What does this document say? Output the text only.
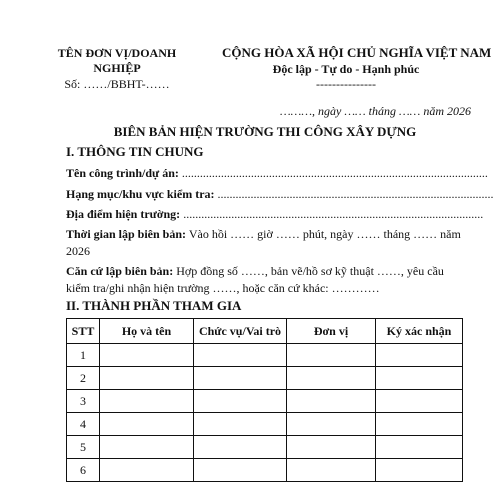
TÊN ĐƠN VỊ/DOANH
NGHIỆP
Số: ……/BBHT-……
CỘNG HÒA XÃ HỘI CHỦ NGHĨA VIỆT NAM
Độc lập - Tự do - Hạnh phúc
---------------
………, ngày …… tháng …… năm 2026
BIÊN BẢN HIỆN TRƯỜNG THI CÔNG XÂY DỰNG
I. THÔNG TIN CHUNG
Tên công trình/dự án: ......................................................................................................
Hạng mục/khu vực kiểm tra: ............................................................................................
Địa điểm hiện trường: ....................................................................................................
Thời gian lập biên bản: Vào hồi …… giờ …… phút, ngày …… tháng …… năm 2026
Căn cứ lập biên bản: Hợp đồng số ……, bản vẽ/hồ sơ kỹ thuật ……, yêu cầu kiểm tra/ghi nhận hiện trường ……, hoặc căn cứ khác: …………
II. THÀNH PHẦN THAM GIA
STT	Họ và tên	Chức vụ/Vai trò	Đơn vị	Ký xác nhận
1				
2				
3				
4				
5				
6				
